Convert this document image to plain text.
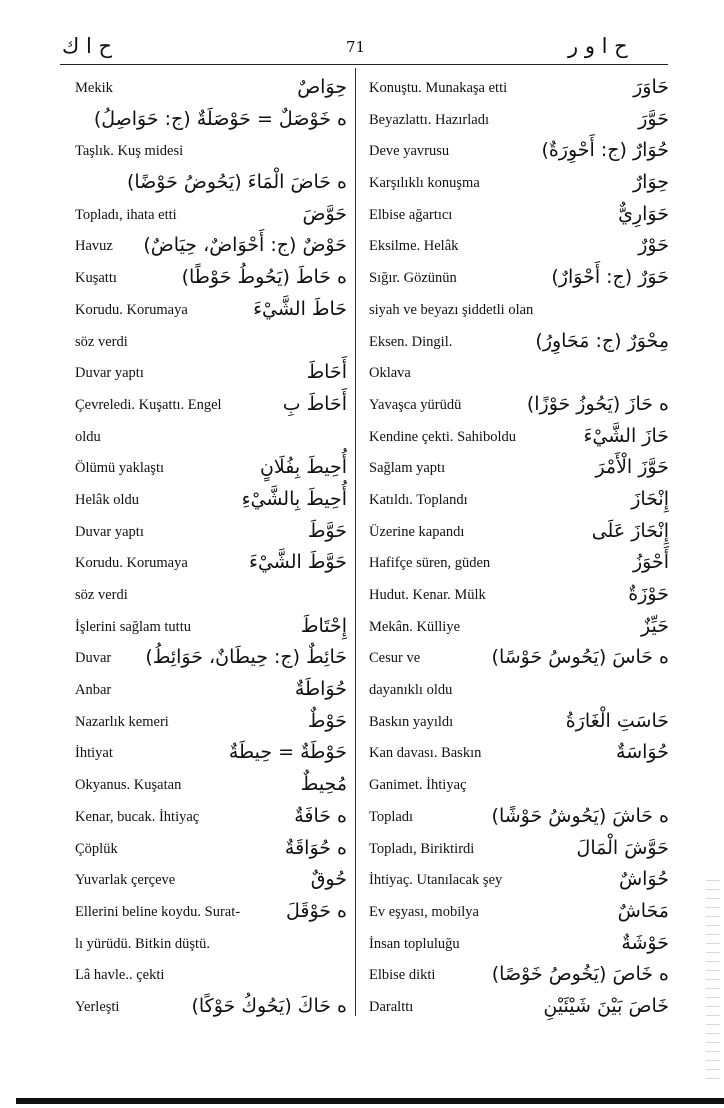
ح ا ك	71	ح ا و ر
Mekik	حِوَاصٌ
ه خَوْصَلٌ = حَوْصَلَةٌ (ج: حَوَاصِلُ)
Taşlık. Kuş midesi
ه حَاضَ الْمَاءَ (يَحُوضُ حَوْضًا)
Topladı, ihata etti	حَوَّضَ
Havuz حَوْضٌ (ج: أَحْوَاضٌ، حِيَاضٌ)
Kuşattı	ه حَاطَ (يَحُوطُ حَوْطًا)
Korudu. Korumaya	حَاطَ الشَّيْءَ
söz verdi
Duvar yaptı	أَحَاطَ
Çevreledi. Kuşattı. Engel	أَحَاطَ بِ
oldu
Ölümü yaklaştı	أُحِيطَ بِفُلَانٍ
Helâk oldu	أُحِيطَ بِالشَّيْءِ
Duvar yaptı	حَوَّطَ
Korudu. Korumaya	حَوَّطَ الشَّيْءَ
söz verdi
İşlerini sağlam tuttu	إِحْتَاطَ
Duvar حَائِطٌ (ج: حِيطَانٌ، حَوَائِطُ)
Anbar	حُوَاطَةٌ
Nazarlık kemeri	حَوْطٌ
İhtiyat	حَوْطَةٌ = حِيطَةٌ
Okyanus. Kuşatan	مُحِيطٌ
Kenar, bucak. İhtiyaç	ه حَافَةٌ
Çöplük	ه حُوَاقَةٌ
Yuvarlak çerçeve	حُوقٌ
Ellerini beline koydu. Surat- ه حَوْقَلَ
lı yürüdü. Bitkin düştü.
Lâ havle.. çekti
Yerleşti	ه حَاكَ (يَحُوكُ حَوْكًا)
Konuştu. Munakaşa etti	حَاوَرَ
Beyazlattı. Hazırladı	حَوَّرَ
Deve yavrusu	حُوَارٌ (ج: أَحْوِرَةٌ)
Karşılıklı konuşma	حِوَارٌ
Elbise ağartıcı	حَوَارِيٌّ
Eksilme. Helâk	حَوْرٌ
Sığır. Gözünün	حَوَرٌ (ج: أَحْوَارٌ)
siyah ve beyazı şiddetli olan
Eksen. Dingil.	مِحْوَرٌ (ج: مَحَاوِرُ)
Oklava
Yavaşca yürüdü	ه حَازَ (يَحُوزُ حَوْزًا)
Kendine çekti. Sahiboldu	حَازَ الشَّيْءَ
Sağlam yaptı	حَوَّزَ الْأَمْرَ
Katıldı. Toplandı	إِنْحَازَ
Üzerine kapandı	إِنْحَازَ عَلَى
Hafifçe süren, güden	أَحْوَزُ
Hudut. Kenar. Mülk	حَوْزَةٌ
Mekân. Külliye	حَيِّزٌ
Cesur ve	ه حَاسَ (يَحُوسُ حَوْسًا)
dayanıklı oldu
Baskın yayıldı	حَاسَتِ الْغَارَةُ
Kan davası. Baskın	حُوَاسَةٌ
Ganimet. İhtiyaç
Topladı	ه حَاشَ (يَحُوشُ حَوْشًا)
Topladı, Biriktirdi	حَوَّشَ الْمَالَ
İhtiyaç. Utanılacak şey	حُوَاشٌ
Ev eşyası, mobilya	مَحَاشٌ
İnsan topluluğu	حَوْشَةٌ
Elbise dikti	ه خَاصَ (يَخُوصُ خَوْصًا)
Daralttı	خَاصَ بَيْنَ شَيْئَيْنِ
